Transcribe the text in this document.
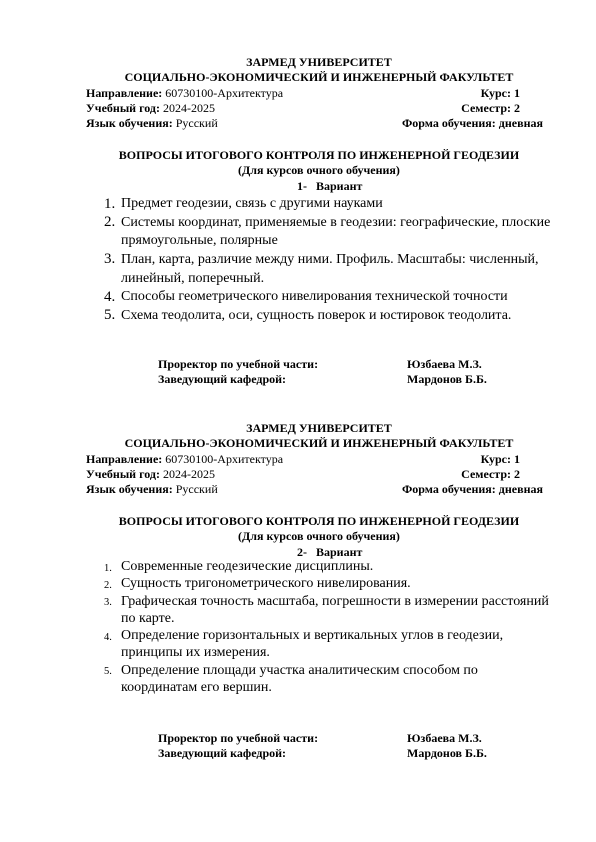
ЗАРМЕД УНИВЕРСИТЕТ
СОЦИАЛЬНО-ЭКОНОМИЧЕСКИЙ И ИНЖЕНЕРНЫЙ ФАКУЛЬТЕТ
Направление: 60730100-Архитектура	Курс: 1
Учебный год: 2024-2025	Семестр: 2
Язык обучения: Русский	Форма обучения: дневная
ВОПРОСЫ ИТОГОВОГО КОНТРОЛЯ ПО ИНЖЕНЕРНОЙ ГЕОДЕЗИИ
(Для курсов очного обучения)
1- Вариант
1. Предмет геодезии, связь с другими науками
2. Системы координат, применяемые в геодезии: географические, плоские
прямоугольные, полярные
3. План, карта, различие между ними. Профиль. Масштабы: численный,
линейный, поперечный.
4. Способы геометрического нивелирования технической точности
5. Схема теодолита, оси, сущность поверок и юстировок теодолита.
Проректор по учебной части:	Юзбаева М.З.
Заведующий кафедрой:	Мардонов Б.Б.
ЗАРМЕД УНИВЕРСИТЕТ
СОЦИАЛЬНО-ЭКОНОМИЧЕСКИЙ И ИНЖЕНЕРНЫЙ ФАКУЛЬТЕТ
Направление: 60730100-Архитектура	Курс: 1
Учебный год: 2024-2025	Семестр: 2
Язык обучения: Русский	Форма обучения: дневная
ВОПРОСЫ ИТОГОВОГО КОНТРОЛЯ ПО ИНЖЕНЕРНОЙ ГЕОДЕЗИИ
(Для курсов очного обучения)
2- Вариант
1. Современные геодезические дисциплины.
2. Сущность тригонометрического нивелирования.
3. Графическая точность масштаба, погрешности в измерении расстояний
по карте.
4. Определение горизонтальных и вертикальных углов в геодезии,
принципы их измерения.
5. Определение площади участка аналитическим способом по
координатам его вершин.
Проректор по учебной части:	Юзбаева М.З.
Заведующий кафедрой:	Мардонов Б.Б.
